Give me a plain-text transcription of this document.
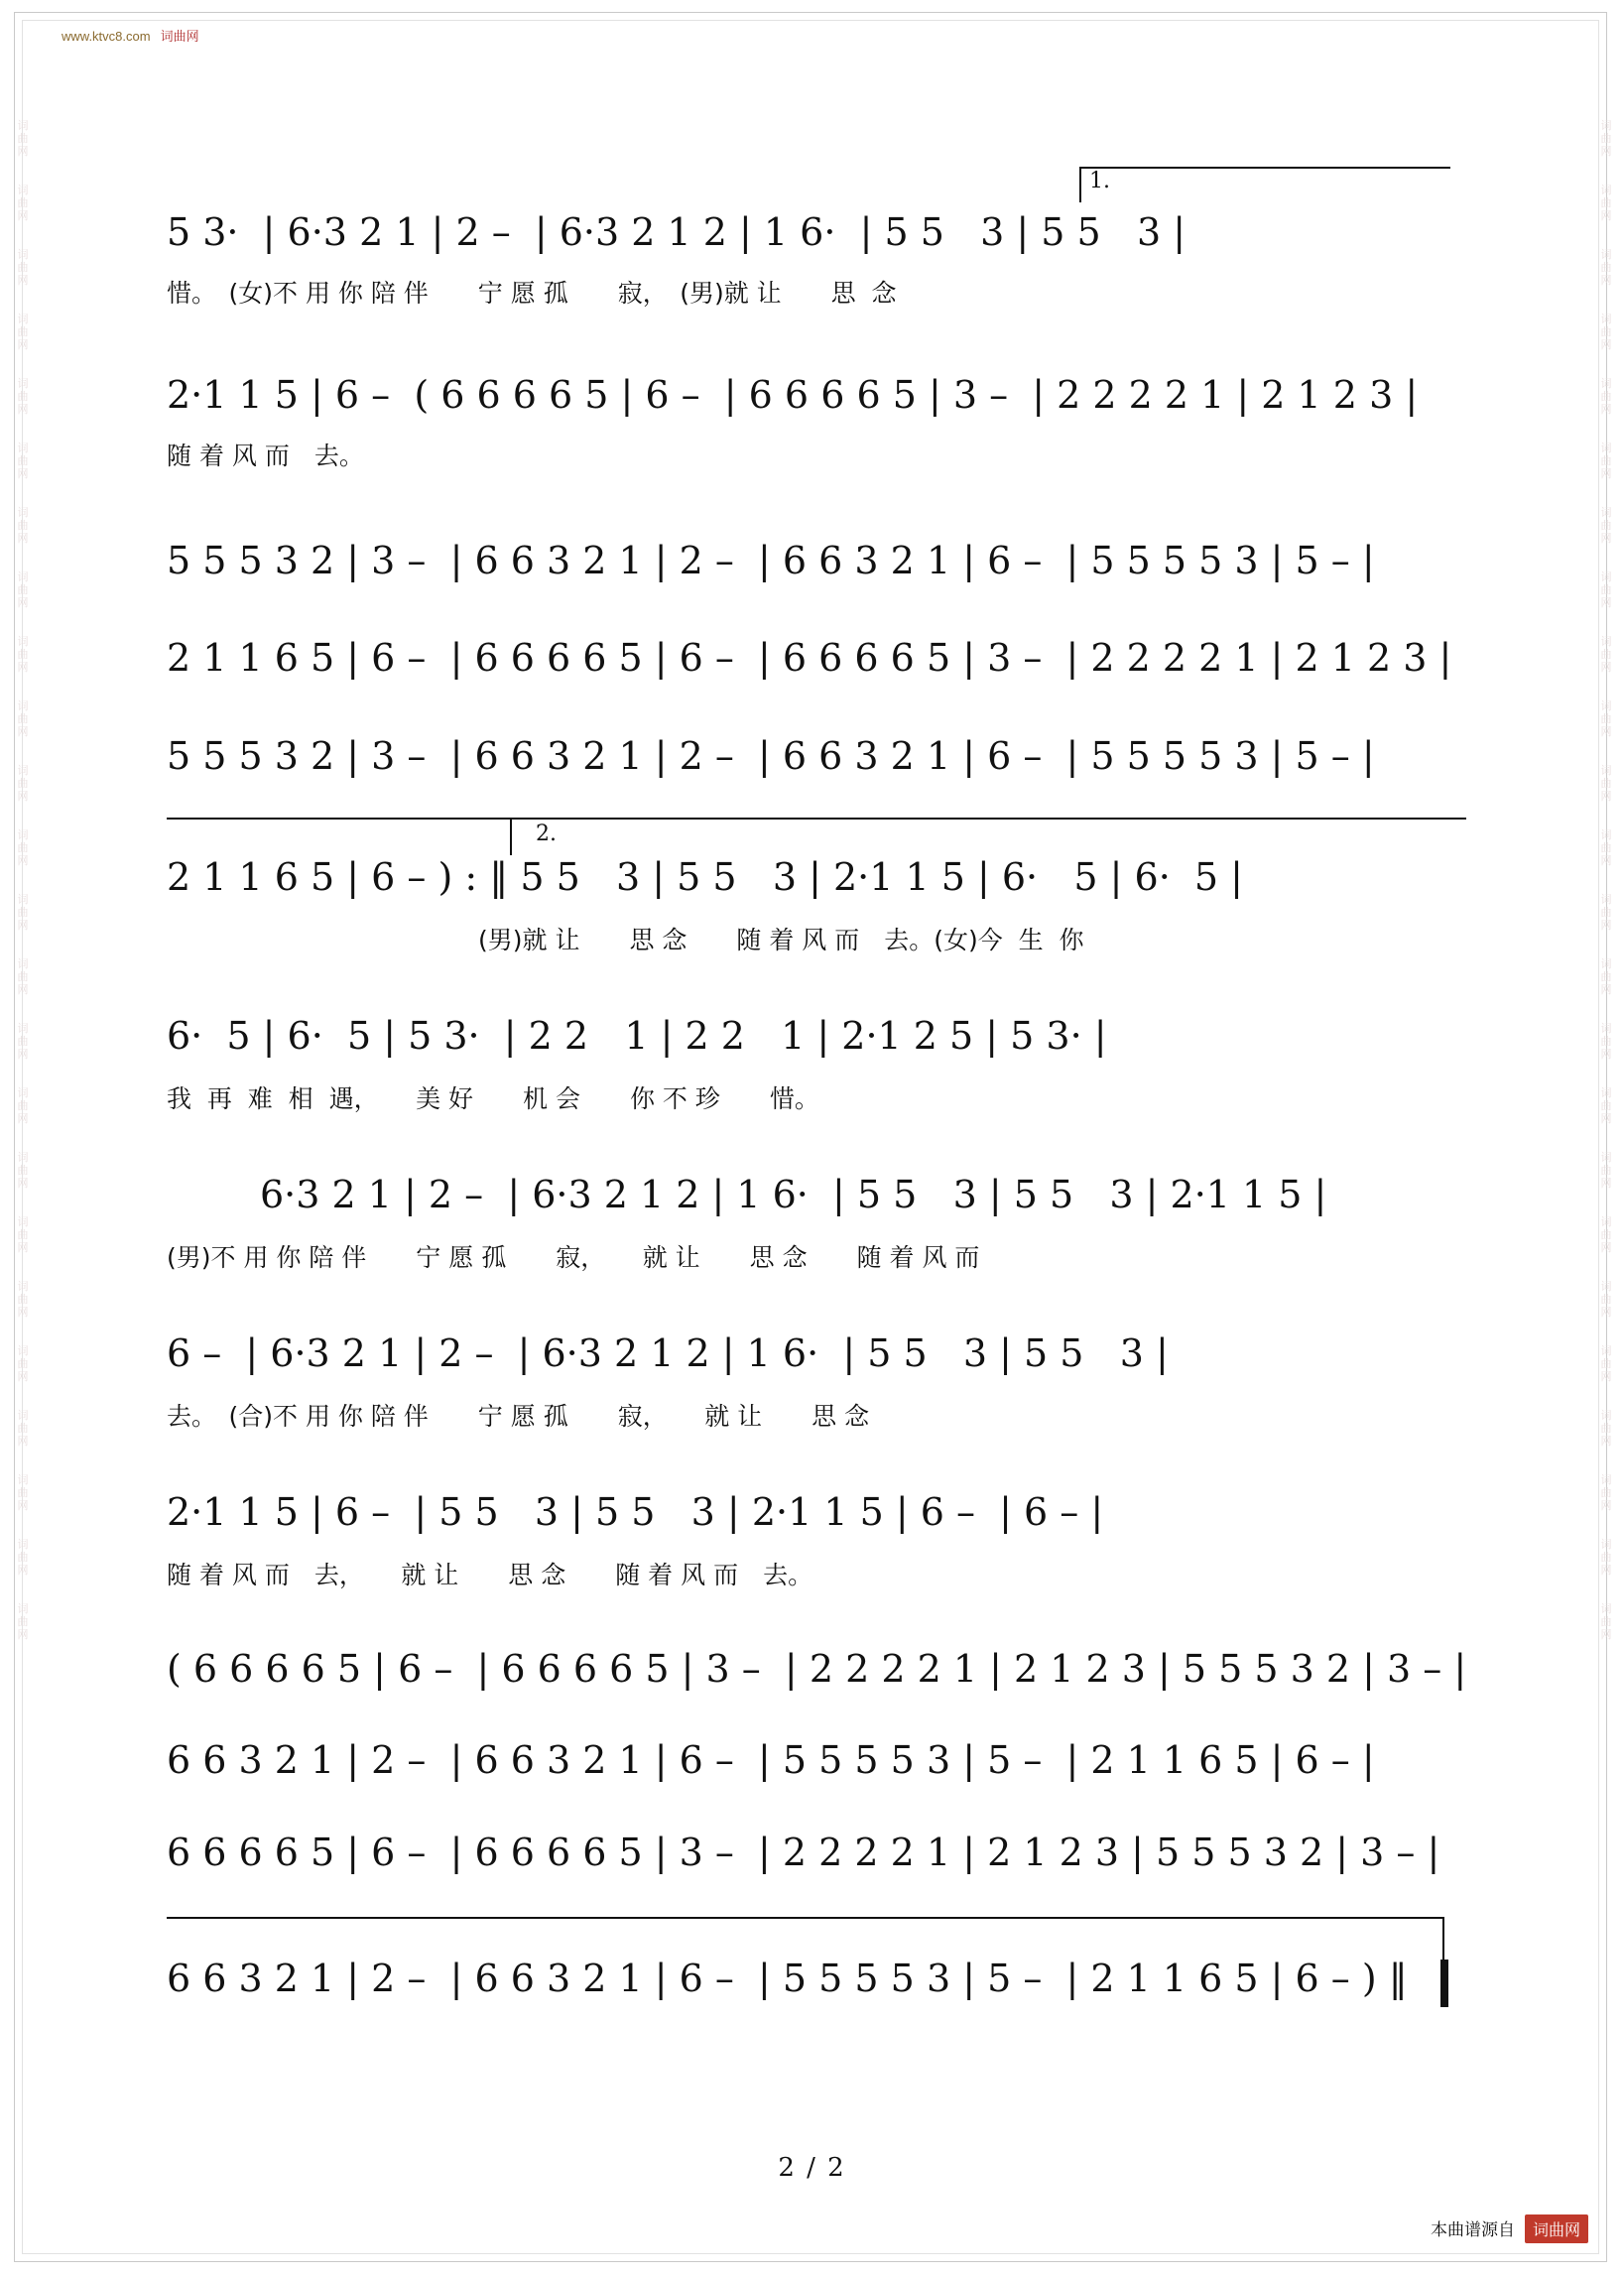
www.ktvc8.com 词曲网
词
曲
网
词
曲
网
词
曲
网
词
曲
网
词
曲
网
词
曲
网
词
曲
网
词
曲
网
词
曲
网
词
曲
网
词
曲
网
词
曲
网
词
曲
网
词
曲
网
词
曲
网
词
曲
网
词
曲
网
词
曲
网
词
曲
网
词
曲
网
词
曲
网
词
曲
网
词
曲
网
词
曲
网
词
曲
网
词
曲
网
词
曲
网
词
曲
网
词
曲
网
词
曲
网
词
曲
网
词
曲
网
词
曲
网
词
曲
网
词
曲
网
词
曲
网
词
曲
网
词
曲
网
词
曲
网
词
曲
网
词
曲
网
词
曲
网
词
曲
网
词
曲
网
词
曲
网
词
曲
网
词
曲
网
词
曲
网
1.
5 3·  | 6·3 2 1 | 2 –  | 6·3 2 1 2 | 1 6·  | 5 5   3 | 5 5   3 |
惜。　(女)不 用 你 陪 伴　　宁 愿 孤　　寂，　(男)就 让　　思  念
2·1 1 5 | 6 –  ( 6 6 6 6 5 | 6 –  | 6 6 6 6 5 | 3 –  | 2 2 2 2 1 | 2 1 2 3 |
随 着 风 而　去。
5 5 5 3 2 | 3 –  | 6 6 3 2 1 | 2 –  | 6 6 3 2 1 | 6 –  | 5 5 5 5 3 | 5 – |
2 1 1 6 5 | 6 –  | 6 6 6 6 5 | 6 –  | 6 6 6 6 5 | 3 –  | 2 2 2 2 1 | 2 1 2 3 |
5 5 5 3 2 | 3 –  | 6 6 3 2 1 | 2 –  | 6 6 3 2 1 | 6 –  | 5 5 5 5 3 | 5 – |
2.
2 1 1 6 5 | 6 – ) : ‖ 5 5   3 | 5 5   3 | 2·1 1 5 | 6·   5 | 6·  5 |
(男)就 让　　思 念　　随 着 风 而　去。(女)今  生  你
6·  5 | 6·  5 | 5 3·  | 2 2   1 | 2 2   1 | 2·1 2 5 | 5 3· |
我  再  难  相  遇，　　美 好　　机 会　　你 不 珍　　惜。
6·3 2 1 | 2 –  | 6·3 2 1 2 | 1 6·  | 5 5   3 | 5 5   3 | 2·1 1 5 |
(男)不 用 你 陪 伴　　宁 愿 孤　　寂，　　就 让　　思 念　　随 着 风 而
6 –  | 6·3 2 1 | 2 –  | 6·3 2 1 2 | 1 6·  | 5 5   3 | 5 5   3 |
去。　(合)不 用 你 陪 伴　　宁 愿 孤　　寂，　　就 让　　思 念
2·1 1 5 | 6 –  | 5 5   3 | 5 5   3 | 2·1 1 5 | 6 –  | 6 – |
随 着 风 而　去，　　就 让　　思 念　　随 着 风 而　去。
( 6 6 6 6 5 | 6 –  | 6 6 6 6 5 | 3 –  | 2 2 2 2 1 | 2 1 2 3 | 5 5 5 3 2 | 3 – |
6 6 3 2 1 | 2 –  | 6 6 3 2 1 | 6 –  | 5 5 5 5 3 | 5 –  | 2 1 1 6 5 | 6 – |
6 6 6 6 5 | 6 –  | 6 6 6 6 5 | 3 –  | 2 2 2 2 1 | 2 1 2 3 | 5 5 5 3 2 | 3 – |
6 6 3 2 1 | 2 –  | 6 6 3 2 1 | 6 –  | 5 5 5 5 3 | 5 –  | 2 1 1 6 5 | 6 – ) ‖
2 / 2
本曲谱源自 词曲网
